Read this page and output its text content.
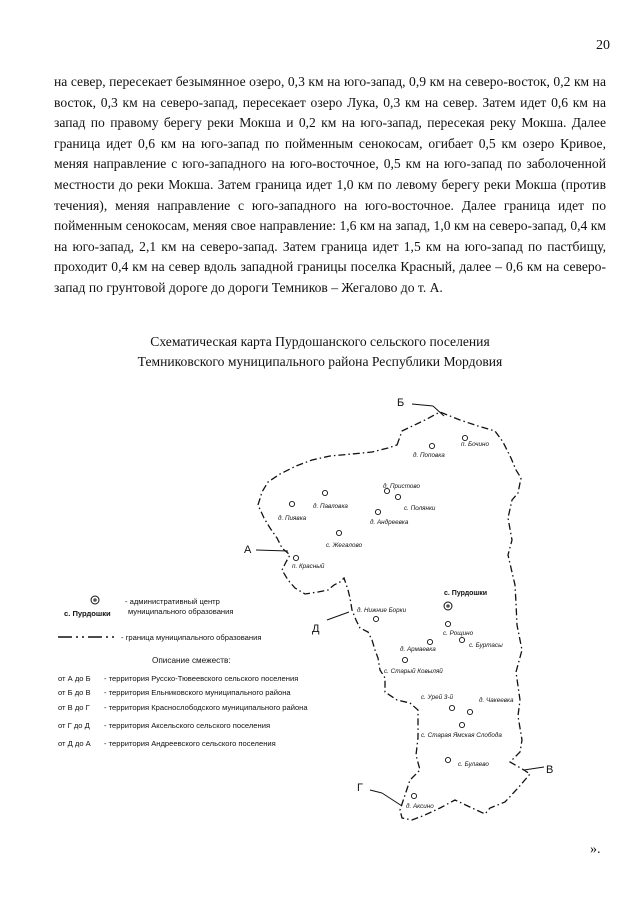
20

на север, пересекает безымянное озеро, 0,3 км на юго-запад, 0,9 км на северо-восток, 0,2 км на восток, 0,3 км на северо-запад, пересекает озеро Лука, 0,3 км на север. Затем идет 0,6 км на запад по правому берегу реки Мокша и 0,2 км на юго-запад, пересекая реку Мокша. Далее граница идет 0,6 км на юго-запад по пойменным сенокосам, огибает 0,5 км озеро Кривое, меняя направление с юго-западного на юго-восточное, 0,5 км на юго-запад по заболоченной местности до реки Мокша. Затем граница идет 1,0 км по левому берегу реки Мокша (против течения), меняя направление с юго-западного на юго-восточное. Далее граница идет по пойменным сенокосам, меняя свое направление: 1,6 км на запад, 1,0 км на северо-запад, 0,4 км на юго-запад, 2,1 км на северо-запад. Затем граница идет 1,5 км на юго-запад по пастбищу, проходит 0,4 км на север вдоль западной границы поселка Красный, далее – 0,6 км на северо-запад по грунтовой дороге до дороги Темников – Жегалово до т. А.

Схематическая карта Пурдошанского сельского поселения
Темниковского муниципального района Республики Мордовия
Б
А
Д
Г
В
п. Бочино
д. Поповка
д. Пристово
с. Полянки
д. Павловка
д. Пиявка
д. Андреевка
с. Жегалово
п. Красный
д. Нижние Борки
с. Пурдошки
с. Рощино
с. Буртасы
д. Армаевка
с. Старый Ковыляй
с. Урей 3-й	д. Чакеевка
с. Старая Ямская Слобода
с. Булаево
д. Аксино
с. Пурдошки
- административный центр
муниципального образования
- граница муниципального образования
Описание смежеств:
от А до Б - территория Русско-Тювеевского сельского поселения
от Б до В - территория Ельниковского муниципального района
от В до Г - территория Краснослободского муниципального района
от Г до Д - территория Аксельского сельского поселения
от Д до А - территория Андреевского сельского поселения
».
